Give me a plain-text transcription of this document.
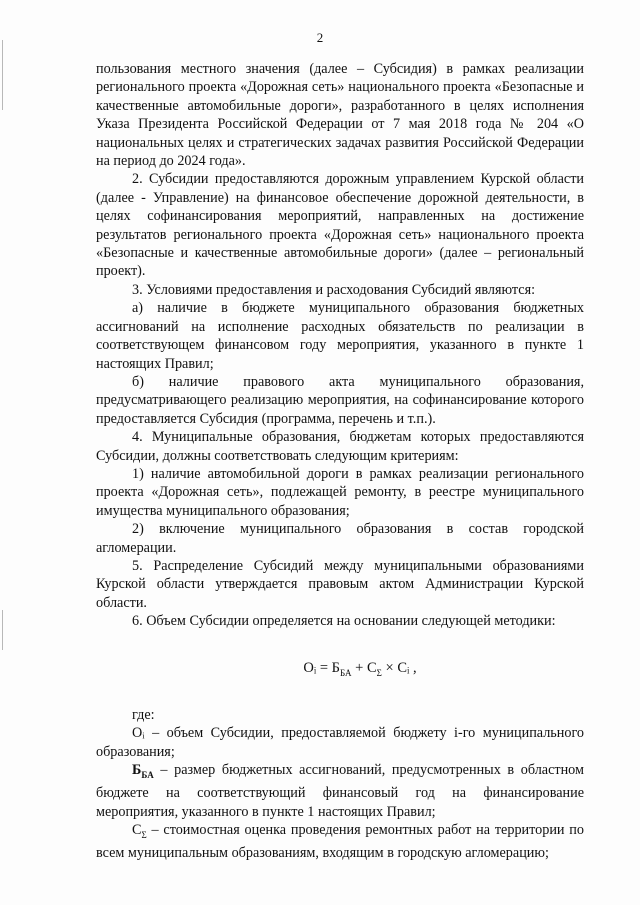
2

пользования местного значения (далее – Субсидия) в рамках реализации регионального проекта «Дорожная сеть» национального проекта «Безопасные и качественные автомобильные дороги», разработанного в целях исполнения Указа Президента Российской Федерации от 7 мая 2018 года № 204 «О национальных целях и стратегических задачах развития Российской Федерации на период до 2024 года».

2. Субсидии предоставляются дорожным управлением Курской области (далее - Управление) на финансовое обеспечение дорожной деятельности, в целях софинансирования мероприятий, направленных на достижение результатов регионального проекта «Дорожная сеть» национального проекта «Безопасные и качественные автомобильные дороги» (далее – региональный проект).

3. Условиями предоставления и расходования Субсидий являются:

а) наличие в бюджете муниципального образования бюджетных ассигнований на исполнение расходных обязательств по реализации в соответствующем финансовом году мероприятия, указанного в пункте 1 настоящих Правил;

б) наличие правового акта муниципального образования, предусматривающего реализацию мероприятия, на софинансирование которого предоставляется Субсидия (программа, перечень и т.п.).

4. Муниципальные образования, бюджетам которых предоставляются Субсидии, должны соответствовать следующим критериям:

1) наличие автомобильной дороги в рамках реализации регионального проекта «Дорожная сеть», подлежащей ремонту, в реестре муниципального имущества муниципального образования;

2) включение муниципального образования в состав городской агломерации.

5. Распределение Субсидий между муниципальными образованиями Курской области утверждается правовым актом Администрации Курской области.

6. Объем Субсидии определяется на основании следующей методики:

Oᵢ = $Б_{БА} + C_\Sigma$ × Cᵢ ,

где:

Oᵢ – объем Субсидии, предоставляемой бюджету i-го муниципального образования;

$Б_{БА}$ – размер бюджетных ассигнований, предусмотренных в областном бюджете на соответствующий финансовый год на финансирование мероприятия, указанного в пункте 1 настоящих Правил;

$C_\Sigma$ – стоимостная оценка проведения ремонтных работ на территории по всем муниципальным образованиям, входящим в городскую агломерацию;
